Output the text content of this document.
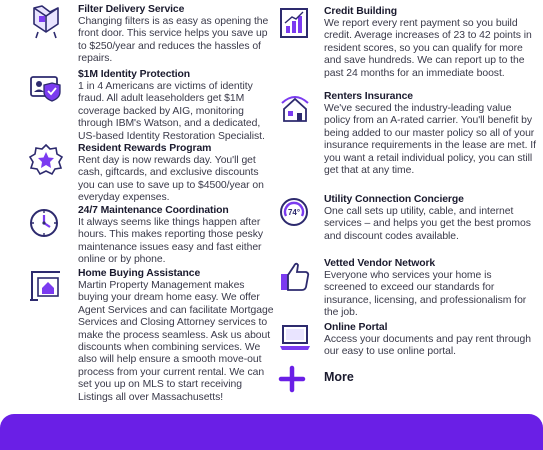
Filter Delivery Service
Changing filters is as easy as opening the front door. This service helps you save up to $250/year and reduces the hassles of repairs.
$1M Identity Protection
1 in 4 Americans are victims of identity fraud. All adult leaseholders get $1M coverage backed by AIG, monitoring through IBM's Watson, and a dedicated, US-based Identity Restoration Specialist.
Resident Rewards Program
Rent day is now rewards day. You'll get cash, giftcards, and exclusive discounts you can use to save up to $4500/year on everyday expenses.
24/7 Maintenance Coordination
It always seems like things happen after hours. This makes reporting those pesky maintenance issues easy and fast either online or by phone.
Home Buying Assistance
Martin Property Management makes buying your dream home easy. We offer Agent Services and can facilitate Mortgage Services and Closing Attorney services to make the process seamless. Ask us about discounts when combining services. We also will help ensure a smooth move-out process from your current rental. We can set you up on MLS to start receiving Listings all over Massachusetts!
Credit Building
We report every rent payment so you build credit. Average increases of 23 to 42 points in resident scores, so you can qualify for more and save hundreds. We can report up to the past 24 months for an immediate boost.
Renters Insurance
We've secured the industry-leading value policy from an A-rated carrier. You'll benefit by being added to our master policy so all of your insurance requirements in the lease are met. If you want a retail individual policy, you can still get that at any time.
74°
Utility Connection Concierge
One call sets up utility, cable, and internet services – and helps you get the best promos and discount codes available.
Vetted Vendor Network
Everyone who services your home is screened to exceed our standards for insurance, licensing, and professionalism for the job.
Online Portal
Access your documents and pay rent through our easy to use online portal.
More
